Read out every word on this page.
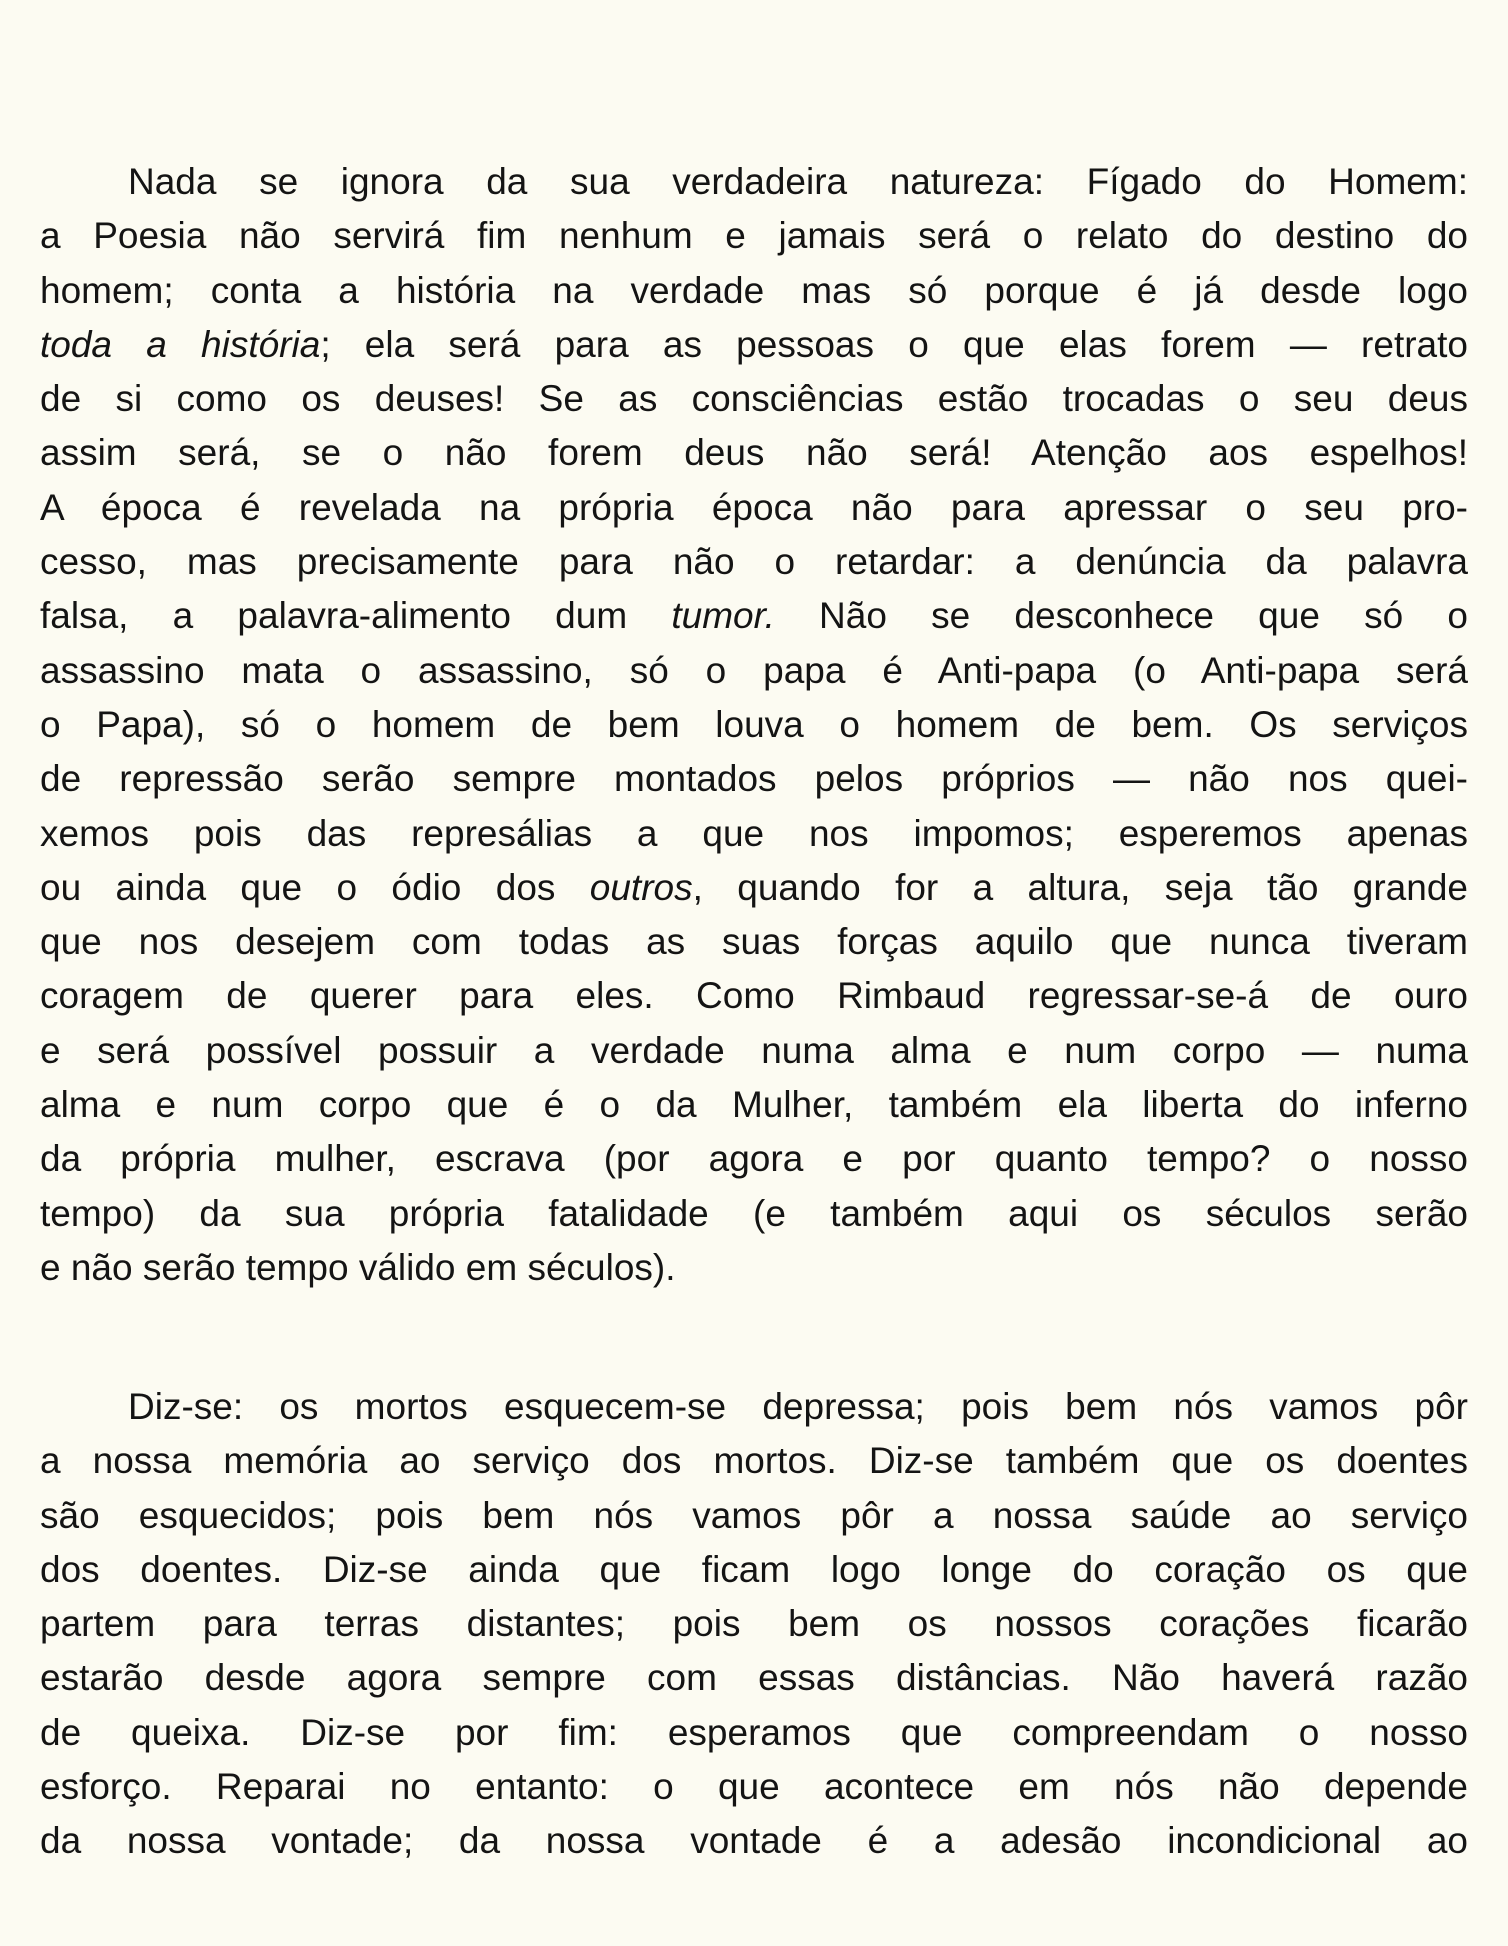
Nada se ignora da sua verdadeira natureza: Fígado do Homem:
a Poesia não servirá fim nenhum e jamais será o relato do destino do
homem; conta a história na verdade mas só porque é já desde logo
toda a história; ela será para as pessoas o que elas forem — retrato
de si como os deuses! Se as consciências estão trocadas o seu deus
assim será, se o não forem deus não será! Atenção aos espelhos!
A época é revelada na própria época não para apressar o seu pro-
cesso, mas precisamente para não o retardar: a denúncia da palavra
falsa, a palavra-alimento dum tumor. Não se desconhece que só o
assassino mata o assassino, só o papa é Anti-papa (o Anti-papa será
o Papa), só o homem de bem louva o homem de bem. Os serviços
de repressão serão sempre montados pelos próprios — não nos quei-
xemos pois das represálias a que nos impomos; esperemos apenas
ou ainda que o ódio dos outros, quando for a altura, seja tão grande
que nos desejem com todas as suas forças aquilo que nunca tiveram
coragem de querer para eles. Como Rimbaud regressar-se-á de ouro
e será possível possuir a verdade numa alma e num corpo — numa
alma e num corpo que é o da Mulher, também ela liberta do inferno
da própria mulher, escrava (por agora e por quanto tempo? o nosso
tempo) da sua própria fatalidade (e também aqui os séculos serão
e não serão tempo válido em séculos).
Diz-se: os mortos esquecem-se depressa; pois bem nós vamos pôr
a nossa memória ao serviço dos mortos. Diz-se também que os doentes
são esquecidos; pois bem nós vamos pôr a nossa saúde ao serviço
dos doentes. Diz-se ainda que ficam logo longe do coração os que
partem para terras distantes; pois bem os nossos corações ficarão
estarão desde agora sempre com essas distâncias. Não haverá razão
de queixa. Diz-se por fim: esperamos que compreendam o nosso
esforço. Reparai no entanto: o que acontece em nós não depende
da nossa vontade; da nossa vontade é a adesão incondicional ao
